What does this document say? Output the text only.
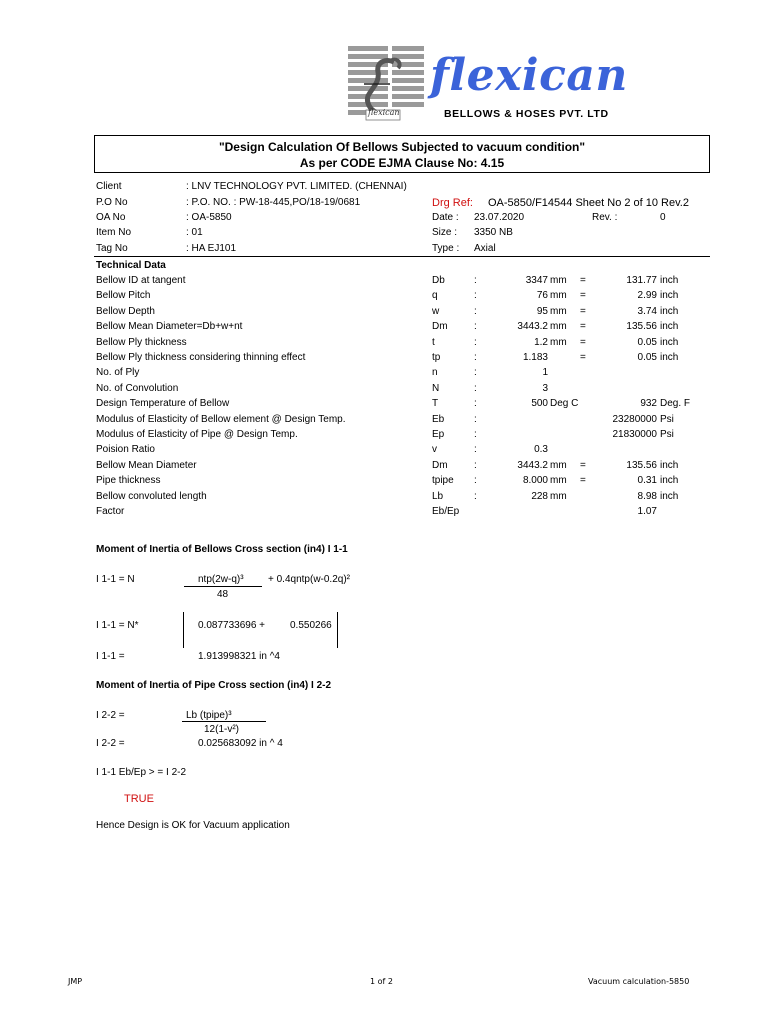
flexican
flexican
BELLOWS & HOSES PVT. LTD
"Design Calculation Of Bellows Subjected to vacuum condition"
As per CODE EJMA Clause No: 4.15
Client	: LNV TECHNOLOGY PVT. LIMITED. (CHENNAI)
P.O No	: P.O. NO. : PW-18-445,PO/18-19/0681
OA No	: OA-5850
Item No	: 01
Tag No	: HA EJ101
Drg Ref: OA-5850/F14544 Sheet No 2 of 10 Rev.2
Date : 23.07.2020	Rev. :	0
Size : 3350 NB
Type : Axial
Technical Data
Bellow ID at tangent	Db	:	3347 mm =	131.77 inch
Bellow Pitch	q	:	76 mm =	2.99 inch
Bellow Depth	w	:	95 mm =	3.74 inch
Bellow Mean Diameter=Db+w+nt	Dm	:	3443.2 mm =	135.56 inch
Bellow Ply thickness	t	:	1.2 mm =	0.05 inch
Bellow Ply thickness considering thinning effect	tp	:	1.183	=	0.05 inch
No. of Ply	n	:	1
No. of Convolution	N	:	3
Design Temperature of Bellow	T	:	500 Deg C	932 Deg. F
Modulus of Elasticity of Bellow element @ Design Temp.	Eb	:	23280000 Psi
Modulus of Elasticity of Pipe @ Design Temp.	Ep	:	21830000 Psi
Poision Ratio	v	:	0.3
Bellow Mean Diameter	Dm	:	3443.2 mm =	135.56 inch
Pipe thickness	tpipe :	8.000 mm =	0.31 inch
Bellow convoluted length	Lb	:	228 mm	8.98 inch
Factor	Eb/Ep	1.07
Moment of Inertia of Bellows Cross section (in4) I 1-1
I 1-1 = N	ntp(2w-q)³ + 0.4qntp(w-0.2q)²
48
I 1-1 = N*	0.087733696 + 0.550266
I 1-1 =	1.913998321 in ^4
Moment of Inertia of Pipe Cross section (in4) I 2-2
I 2-2 =	Lb (tpipe)³
12(1-v²)
I 2-2 =	0.025683092 in ^ 4
I 1-1 Eb/Ep > = I 2-2
TRUE
Hence Design is OK for Vacuum application
JMP	1 of 2	Vacuum calculation-5850
